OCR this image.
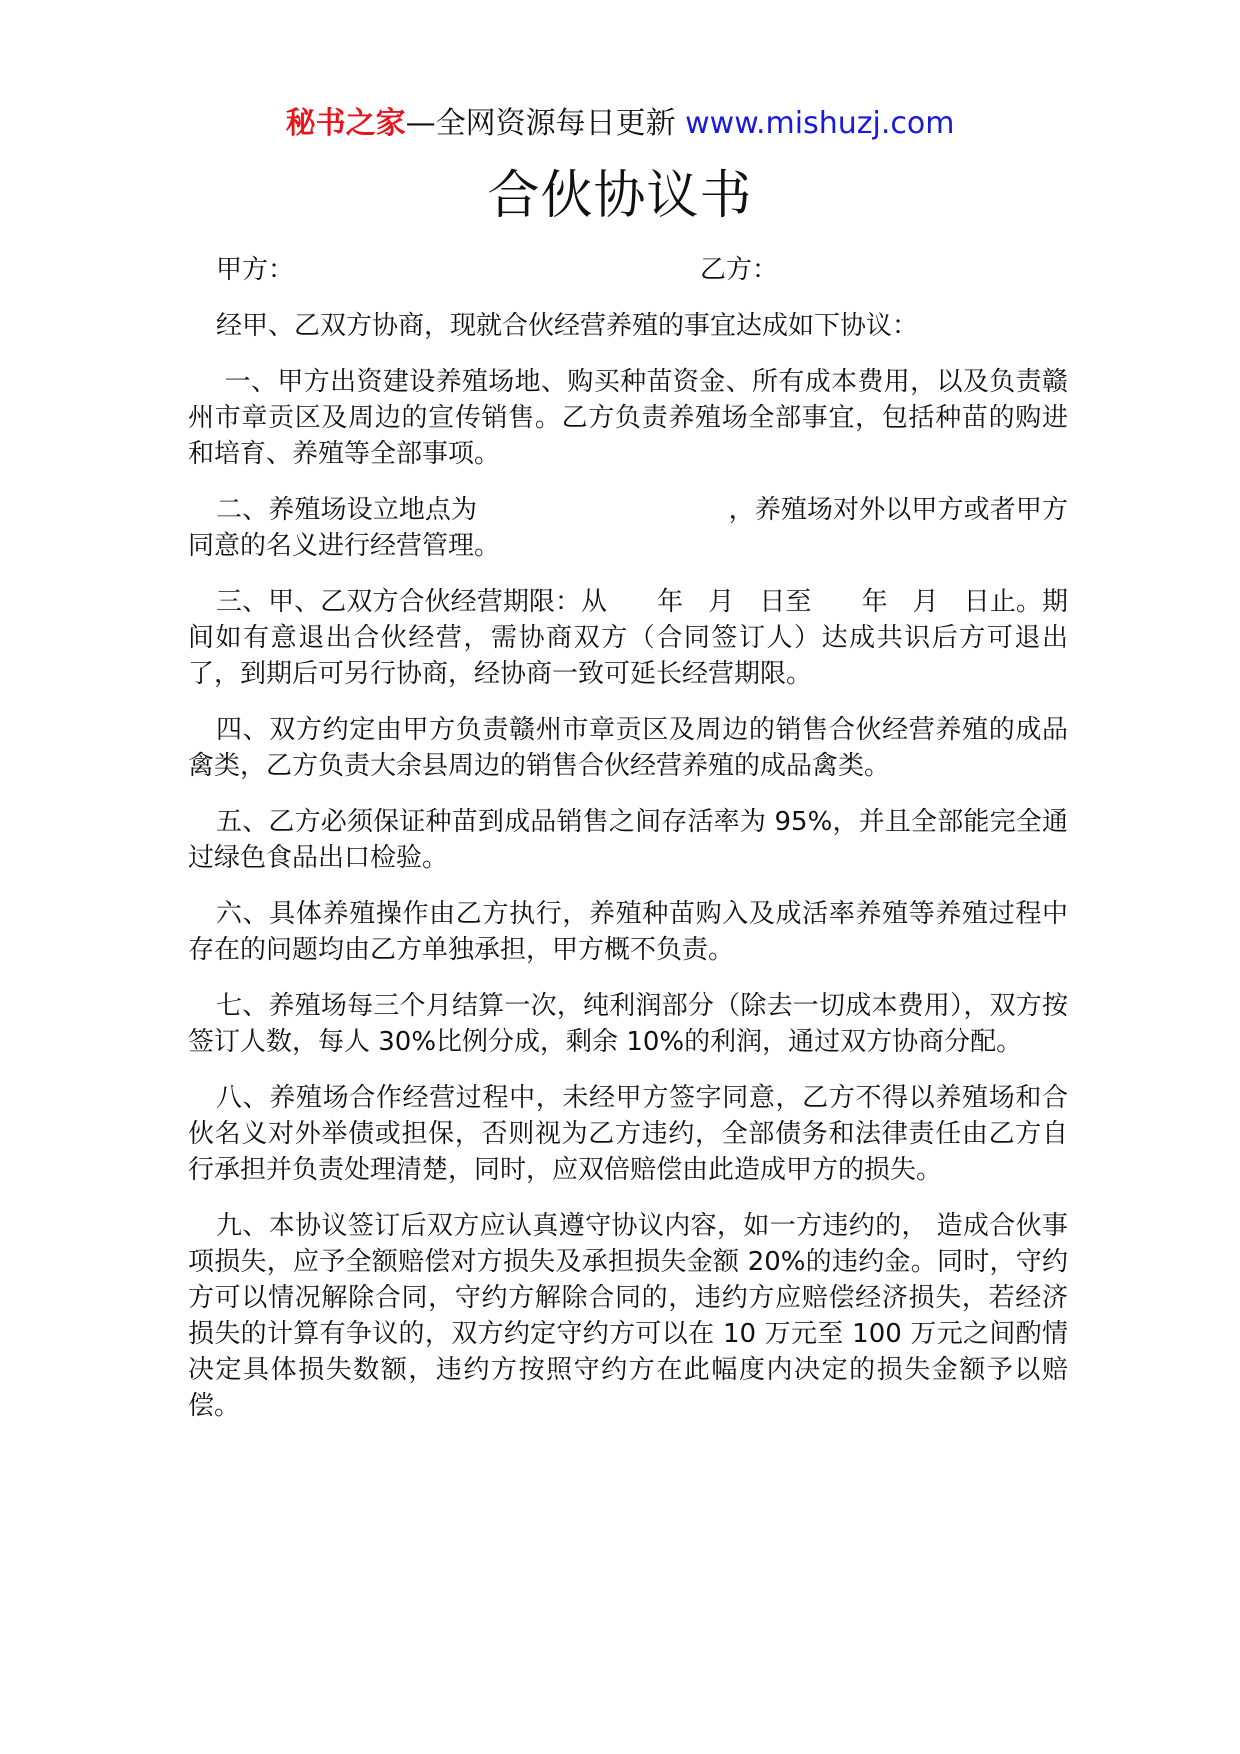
秘书之家—全网资源每日更新 www.mishuzj.com
合伙协议书
甲方：	乙方：

经甲、乙双方协商，现就合伙经营养殖的事宜达成如下协议：

一、甲方出资建设养殖场地、购买种苗资金、所有成本费用，以及负责赣州市章贡区及周边的宣传销售。乙方负责养殖场全部事宜，包括种苗的购进和培育、养殖等全部事项。

二、养殖场设立地点为                              ，养殖场对外以甲方或者甲方同意的名义进行经营管理。

三、甲、乙双方合伙经营期限：从      年   月   日至      年   月   日止。期间如有意退出合伙经营，需协商双方（合同签订人）达成共识后方可退出了，到期后可另行协商，经协商一致可延长经营期限。

四、双方约定由甲方负责赣州市章贡区及周边的销售合伙经营养殖的成品禽类，乙方负责大余县周边的销售合伙经营养殖的成品禽类。

五、乙方必须保证种苗到成品销售之间存活率为 95%，并且全部能完全通过绿色食品出口检验。

六、具体养殖操作由乙方执行，养殖种苗购入及成活率养殖等养殖过程中存在的问题均由乙方单独承担，甲方概不负责。

七、养殖场每三个月结算一次，纯利润部分（除去一切成本费用），双方按签订人数，每人 30%比例分成，剩余 10%的利润，通过双方协商分配。

八、养殖场合作经营过程中，未经甲方签字同意，乙方不得以养殖场和合伙名义对外举债或担保，否则视为乙方违约，全部债务和法律责任由乙方自行承担并负责处理清楚，同时，应双倍赔偿由此造成甲方的损失。

九、本协议签订后双方应认真遵守协议内容，如一方违约的， 造成合伙事项损失，应予全额赔偿对方损失及承担损失金额 20%的违约金。同时，守约方可以情况解除合同，守约方解除合同的，违约方应赔偿经济损失，若经济损失的计算有争议的，双方约定守约方可以在 10 万元至 100 万元之间酌情决定具体损失数额，违约方按照守约方在此幅度内决定的损失金额予以赔偿。
